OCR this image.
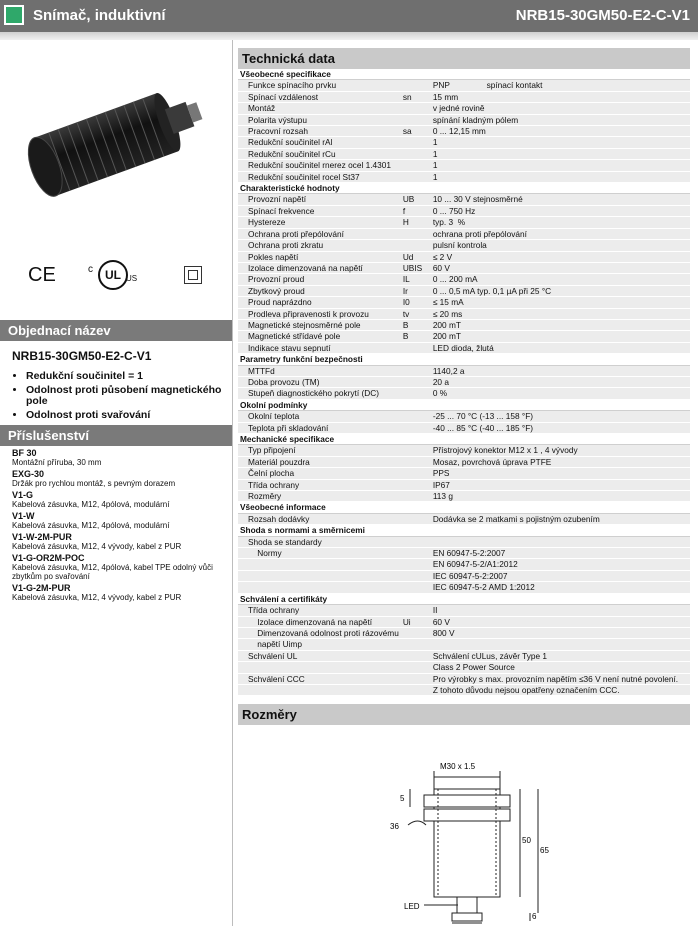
Snímač, induktivní	NRB15-30GM50-E2-C-V1
CE	c	UL US
Objednací název
NRB15-30GM50-E2-C-V1
• Redukční součinitel = 1
• Odolnost proti působení magnetického pole
• Odolnost proti svařování
Příslušenství
BF 30
Montážní příruba, 30 mm
EXG-30
Držák pro rychlou montáž, s pevným dorazem
V1-G
Kabelová zásuvka, M12, 4pólová, modulární
V1-W
Kabelová zásuvka, M12, 4pólová, modulární
V1-W-2M-PUR
Kabelová zásuvka, M12, 4 vývody, kabel z PUR
V1-G-OR2M-POC
Kabelová zásuvka, M12, 4pólová, kabel TPE odolný vůči zbytkům po svařování
V1-G-2M-PUR
Kabelová zásuvka, M12, 4 vývody, kabel z PUR
Technická data
Všeobecné specifikace		
Funkce spínacího prvku		PNP                spínací kontakt
Spínací vzdálenost	sn	15 mm
Montáž		v jedné rovině
Polarita výstupu		spínání kladným pólem
Pracovní rozsah	sa	0 ... 12,15 mm
Redukční součinitel rAl		1
Redukční součinitel rCu		1
Redukční součinitel rnerez ocel 1.4301		1
Redukční součinitel rocel St37		1
Charakteristické hodnoty		
Provozní napětí	UB	10 ... 30 V stejnosměrné
Spínací frekvence	f	0 ... 750 Hz
Hystereze	H	typ. 3  %
Ochrana proti přepólování		ochrana proti přepólování
Ochrana proti zkratu		pulsní kontrola
Pokles napětí	Ud	≤ 2 V
Izolace dimenzovaná na napětí	UBIS	60 V
Provozní proud	IL	0 ... 200 mA
Zbytkový proud	Ir	0 ... 0,5 mA typ. 0,1 µA při 25 °C
Proud naprázdno	I0	≤ 15 mA
Prodleva připravenosti k provozu	tv	≤ 20 ms
Magnetické stejnosměrné pole	B	200 mT
Magnetické střídavé pole	B	200 mT
Indikace stavu sepnutí		LED dioda, žlutá
Parametry funkční bezpečnosti		
MTTFd		1140,2 a
Doba provozu (TM)		20 a
Stupeň diagnostického pokrytí (DC)		0 %
Okolní podmínky		
Okolní teplota		-25 ... 70 °C (-13 ... 158 °F)
Teplota při skladování		-40 ... 85 °C (-40 ... 185 °F)
Mechanické specifikace		
Typ připojení		Přístrojový konektor M12 x 1 , 4 vývody
Materiál pouzdra		Mosaz, povrchová úprava PTFE
Čelní plocha		PPS
Třída ochrany		IP67
Rozměry		113 g
Všeobecné informace		
Rozsah dodávky		Dodávka se 2 matkami s pojistným ozubením
Shoda s normami a směrnicemi		
Shoda se standardy		
Normy		EN 60947-5-2:2007
		EN 60947-5-2/A1:2012
		IEC 60947-5-2:2007
		IEC 60947-5-2 AMD 1:2012
Schválení a certifikáty		
Třída ochrany		II
Izolace dimenzovaná na napětí	Ui	60 V
Dimenzovaná odolnost proti rázovému		800 V
napětí Uimp		
Schválení UL		Schválení cULus, závěr Type 1
		Class 2 Power Source
Schválení CCC		Pro výrobky s max. provozním napětím ≤36 V není nutné povolení.
		Z tohoto důvodu nejsou opatřeny označením CCC.
Rozměry
M30 x 1.5
LED
5
36
50
65
6
